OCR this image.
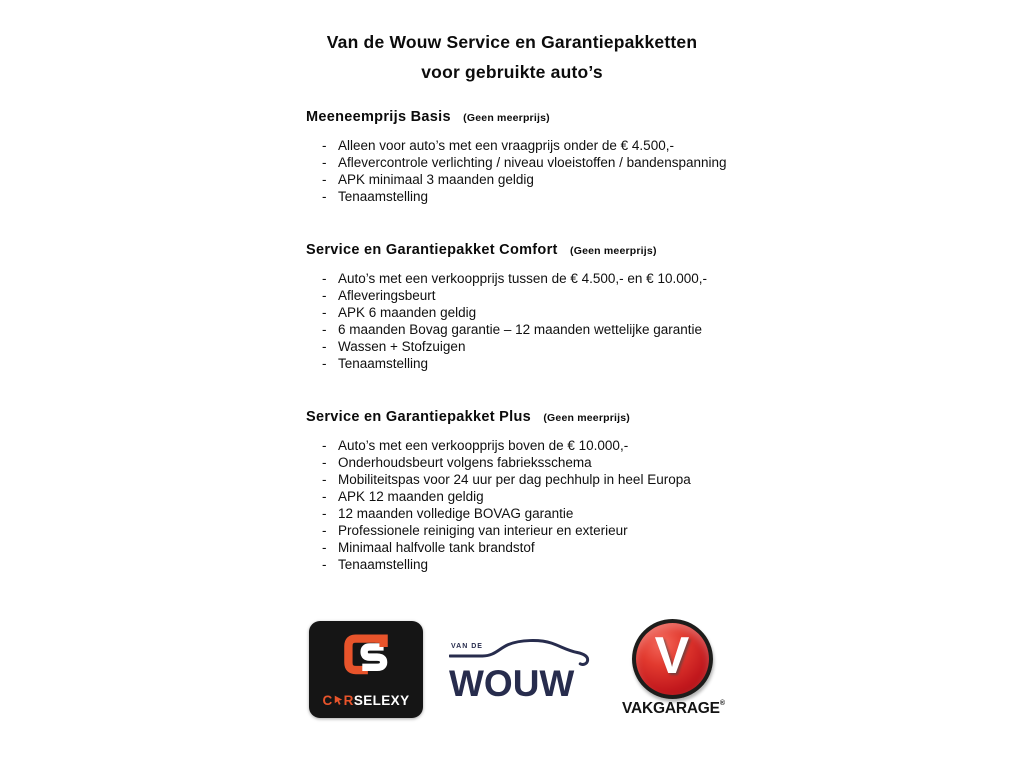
Van de Wouw Service en Garantiepakketten
voor gebruikte auto’s
Meeneemprijs Basis (Geen meerprijs)
- Alleen voor auto’s met een vraagprijs onder de € 4.500,-
- Aflevercontrole verlichting / niveau vloeistoffen / bandenspanning
- APK minimaal 3 maanden geldig
- Tenaamstelling
Service en Garantiepakket Comfort (Geen meerprijs)
- Auto’s met een verkoopprijs tussen de € 4.500,- en € 10.000,-
- Afleveringsbeurt
- APK 6 maanden geldig
- 6 maanden Bovag garantie – 12 maanden wettelijke garantie
- Wassen + Stofzuigen
- Tenaamstelling
Service en Garantiepakket Plus (Geen meerprijs)
- Auto’s met een verkoopprijs boven de € 10.000,-
- Onderhoudsbeurt volgens fabrieksschema
- Mobiliteitspas voor 24 uur per dag pechhulp in heel Europa
- APK 12 maanden geldig
- 12 maanden volledige BOVAG garantie
- Professionele reiniging van interieur en exterieur
- Minimaal halfvolle tank brandstof
- Tenaamstelling
C R SELEXY
VAN DE
WOUW V
VAKGARAGE®
